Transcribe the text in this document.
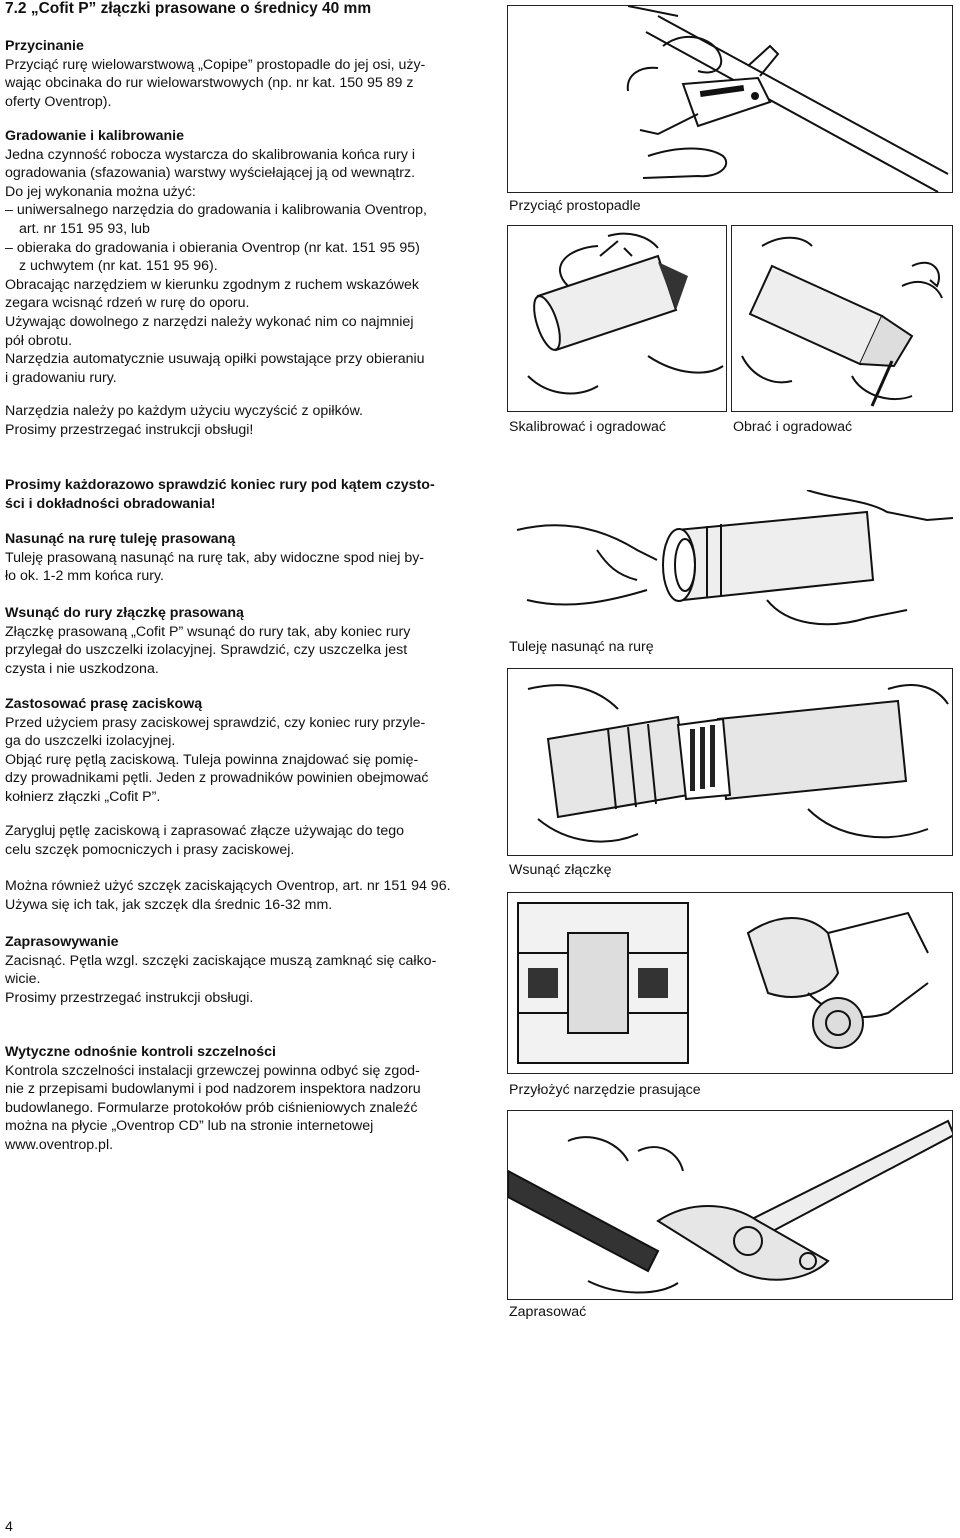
7.2 „Cofit P” złączki prasowane o średnicy 40 mm

Przycinanie

Przyciąć rurę wielowarstwową „Copipe” prostopadle do jej osi, uży-

wając obcinaka do rur wielowarstwowych (np. nr kat. 150 95 89 z

oferty Oventrop).

Gradowanie i kalibrowanie

Jedna czynność robocza wystarcza do skalibrowania końca rury i

ogradowania (sfazowania) warstwy wyściełającej ją od wewnątrz.

Do jej wykonania można użyć:

– uniwersalnego narzędzia do gradowania i kalibrowania Oventrop,

art. nr 151 95 93, lub

– obieraka do gradowania i obierania Oventrop (nr kat. 151 95 95)

z uchwytem (nr kat. 151 95 96).

Obracając narzędziem w kierunku zgodnym z ruchem wskazówek

zegara wcisnąć rdzeń w rurę do oporu.

Używając dowolnego z narzędzi należy wykonać nim co najmniej

pół obrotu.

Narzędzia automatycznie usuwają opiłki powstające przy obieraniu

i gradowaniu rury.

Narzędzia należy po każdym użyciu wyczyścić z opiłków.

Prosimy przestrzegać instrukcji obsługi!

Prosimy każdorazowo sprawdzić koniec rury pod kątem czysto-

ści i dokładności obradowania!

Nasunąć na rurę tuleję prasowaną

Tuleję prasowaną nasunąć na rurę tak, aby widoczne spod niej by-

ło ok. 1-2 mm końca rury.

Wsunąć do rury złączkę prasowaną

Złączkę prasowaną „Cofit P” wsunąć do rury tak, aby koniec rury

przylegał do uszczelki izolacyjnej. Sprawdzić, czy uszczelka jest

czysta i nie uszkodzona.

Zastosować prasę zaciskową

Przed użyciem prasy zaciskowej sprawdzić, czy koniec rury przyle-

ga do uszczelki izolacyjnej.

Objąć rurę pętlą zaciskową. Tuleja powinna znajdować się pomię-

dzy prowadnikami pętli. Jeden z prowadników powinien obejmować

kołnierz złączki „Cofit P”.

Zarygluj pętlę zaciskową i zaprasować złącze używając do tego

celu szczęk pomocniczych i prasy zaciskowej.

Można również użyć szczęk zaciskających Oventrop, art. nr 151 94 96.

Używa się ich tak, jak szczęk dla średnic 16-32 mm.

Zaprasowywanie

Zacisnąć. Pętla wzgl. szczęki zaciskające muszą zamknąć się całko-

wicie.

Prosimy przestrzegać instrukcji obsługi.

Wytyczne odnośnie kontroli szczelności

Kontrola szczelności instalacji grzewczej powinna odbyć się zgod-

nie z przepisami budowlanymi i pod nadzorem inspektora nadzoru

budowlanego. Formularze protokołów prób ciśnieniowych znaleźć

można na płycie „Oventrop CD” lub na stronie internetowej

www.oventrop.pl.

4
Przyciąć prostopadle
Skalibrować i ogradować	Obrać i ogradować
Tuleję nasunąć na rurę
Wsunąć złączkę
Przyłożyć narzędzie prasujące
Zaprasować
